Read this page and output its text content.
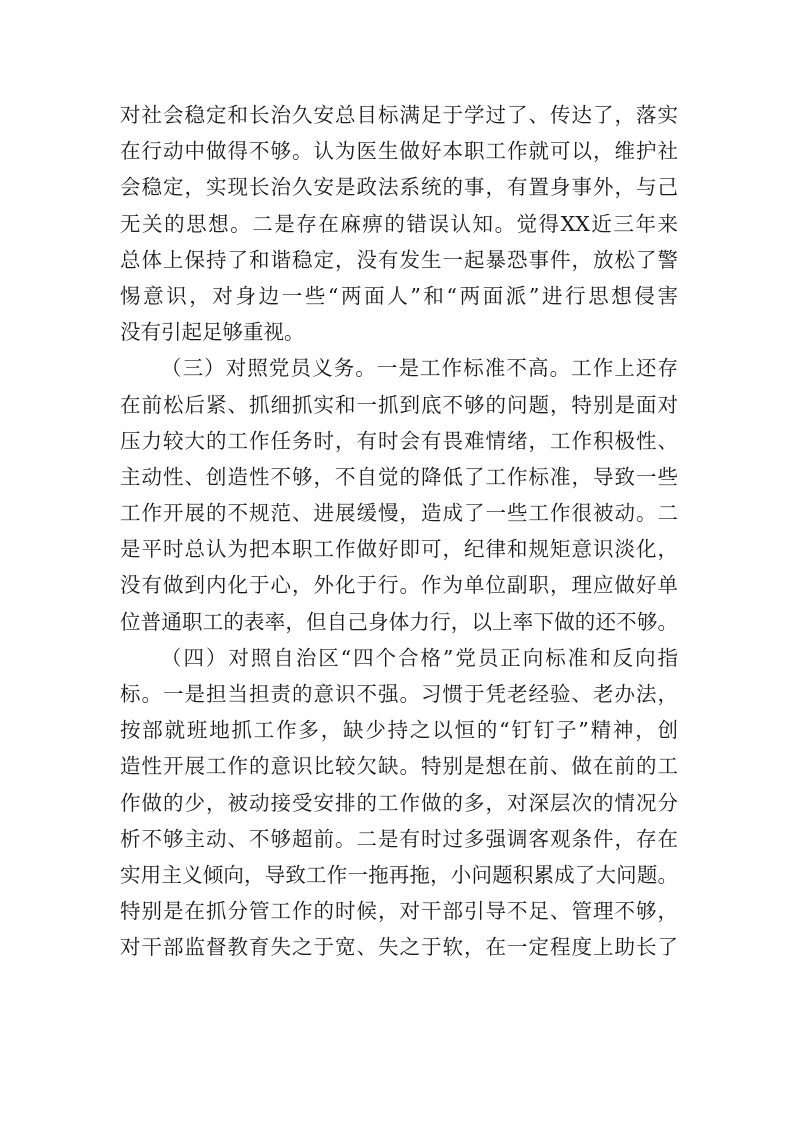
对社会稳定和长治久安总目标满足于学过了、传达了，落实
在行动中做得不够。认为医生做好本职工作就可以，维护社
会稳定，实现长治久安是政法系统的事，有置身事外，与己
无关的思想。二是存在麻痹的错误认知。觉得XX近三年来
总体上保持了和谐稳定，没有发生一起暴恐事件，放松了警
惕意识，对身边一些“两面人”和“两面派”进行思想侵害
没有引起足够重视。
（三）对照党员义务。一是工作标准不高。工作上还存
在前松后紧、抓细抓实和一抓到底不够的问题，特别是面对
压力较大的工作任务时，有时会有畏难情绪，工作积极性、
主动性、创造性不够，不自觉的降低了工作标准，导致一些
工作开展的不规范、进展缓慢，造成了一些工作很被动。二
是平时总认为把本职工作做好即可，纪律和规矩意识淡化，
没有做到内化于心，外化于行。作为单位副职，理应做好单
位普通职工的表率，但自己身体力行，以上率下做的还不够。
（四）对照自治区“四个合格”党员正向标准和反向指
标。一是担当担责的意识不强。习惯于凭老经验、老办法，
按部就班地抓工作多，缺少持之以恒的“钉钉子”精神，创
造性开展工作的意识比较欠缺。特别是想在前、做在前的工
作做的少，被动接受安排的工作做的多，对深层次的情况分
析不够主动、不够超前。二是有时过多强调客观条件，存在
实用主义倾向，导致工作一拖再拖，小问题积累成了大问题。
特别是在抓分管工作的时候，对干部引导不足、管理不够，
对干部监督教育失之于宽、失之于软，在一定程度上助长了
